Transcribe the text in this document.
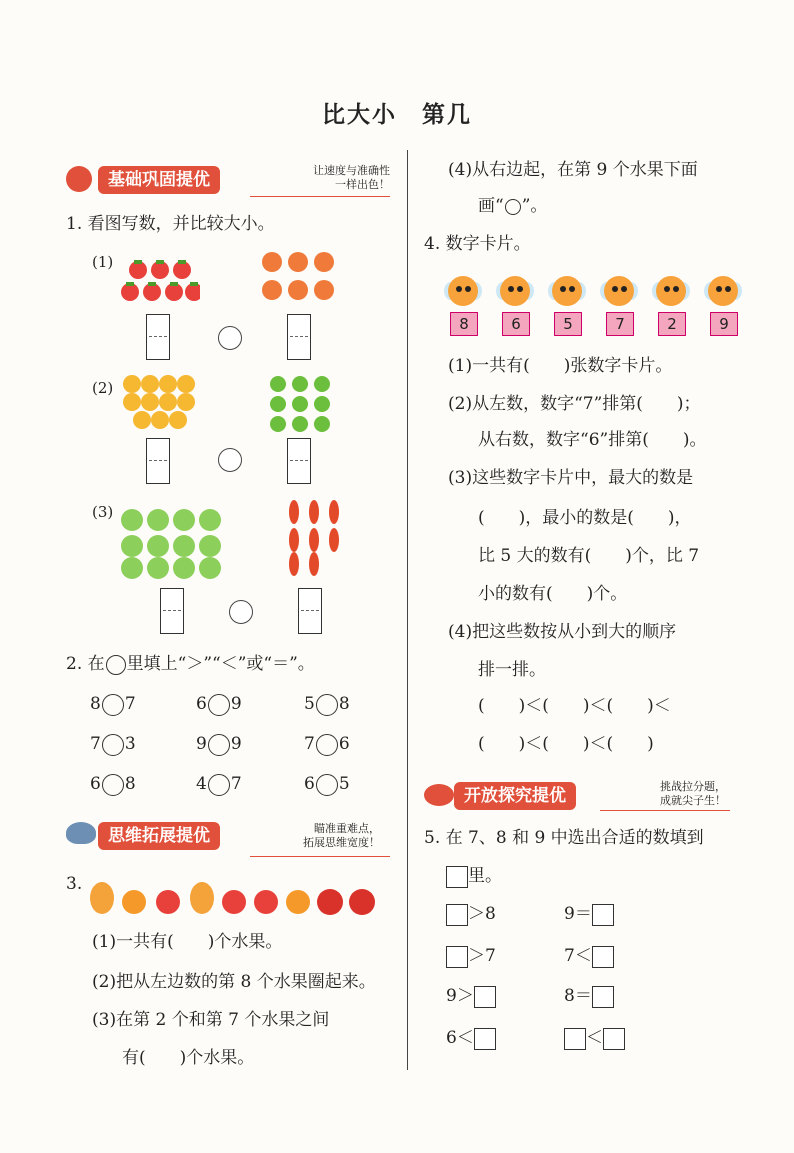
比大小　第几
基础巩固提优	让速度与准确性
一样出色！
1. 看图写数，并比较大小。
(1)
(2)
(3)
2. 在 里填上“＞”“＜”或“＝”。
8 7	6 9	5 8
7 3	9 9	7 6
6 8	4 7	6 5
思维拓展提优	瞄准重难点，
拓展思维宽度！
3.
(1)一共有(　　)个水果。
(2)把从左边数的第 8 个水果圈起来。
(3)在第 2 个和第 7 个水果之间
有(　　)个水果。
(4)从右边起，在第 9 个水果下面
画“ ”。
4. 数字卡片。
8	6	5	7	2	9
(1)一共有(　　)张数字卡片。
(2)从左数，数字“7”排第(　　)；
从右数，数字“6”排第(　　)。
(3)这些数字卡片中，最大的数是
(　　)，最小的数是(　　)，
比 5 大的数有(　　)个，比 7
小的数有(　　)个。
(4)把这些数按从小到大的顺序
排一排。
(　　)＜(　　)＜(　　)＜
(　　)＜(　　)＜(　　)
开放探究提优	挑战拉分题，
成就尖子生！
5. 在 7、8 和 9 中选出合适的数填到
里。
＞8	9＝
＞7	7＜
9＞	8＝
6＜	＜
